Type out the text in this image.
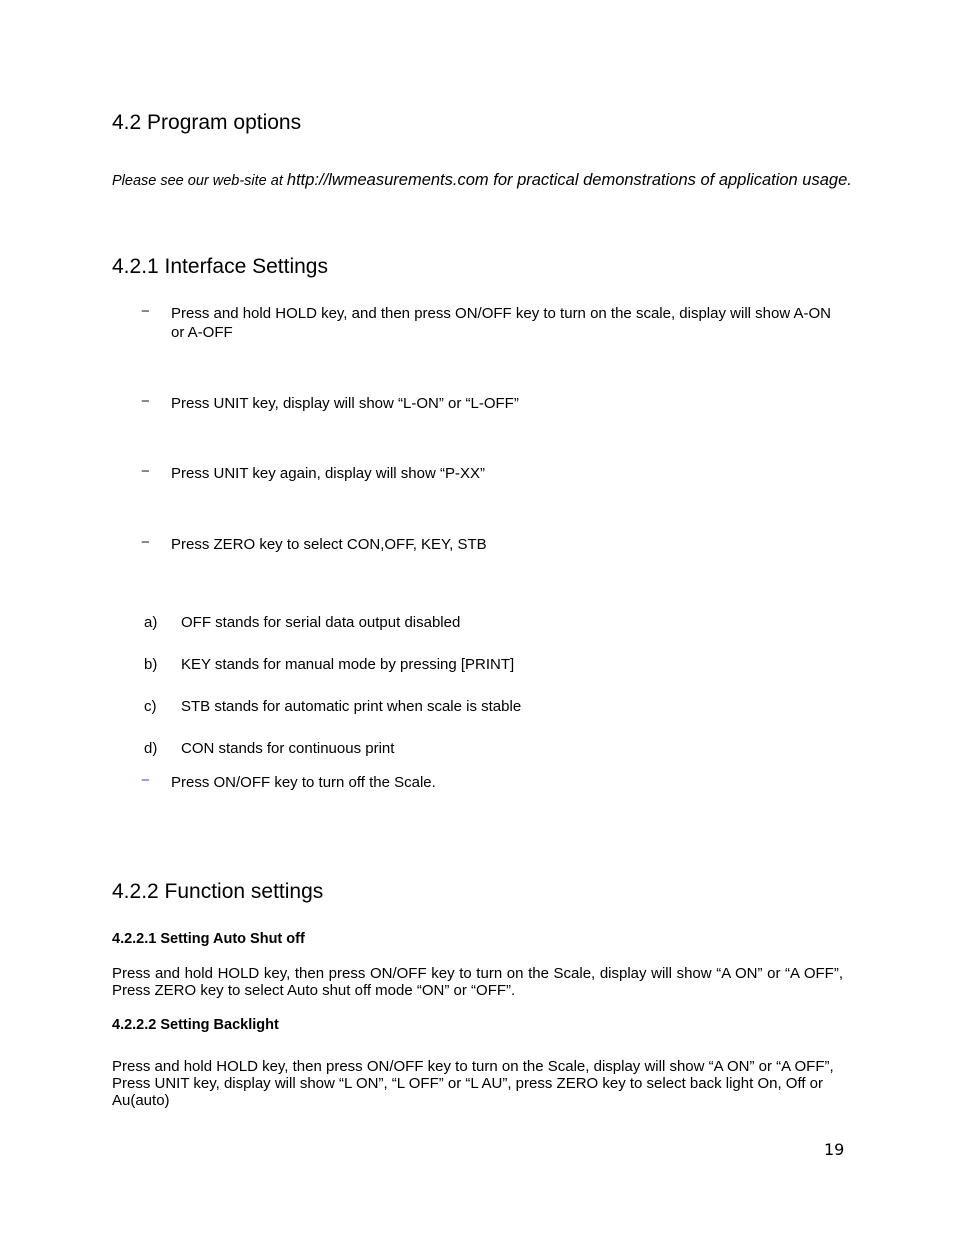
4.2 Program options

Please see our web-site at http://lwmeasurements.com for practical demonstrations of application usage.

4.2.1 Interface Settings
− Press and hold HOLD key, and then press ON/OFF key to turn on the scale, display will show A-ON or A-OFF

− Press UNIT key, display will show “L-ON” or “L-OFF”

− Press UNIT key again, display will show “P-XX”

− Press ZERO key to select CON,OFF, KEY, STB

a) OFF stands for serial data output disabled
b) KEY stands for manual mode by pressing [PRINT]
c) STB stands for automatic print when scale is stable
d) CON stands for continuous print
− Press ON/OFF key to turn off the Scale.

4.2.2 Function settings
4.2.2.1 Setting Auto Shut off

Press and hold HOLD key, then press ON/OFF key to turn on the Scale, display will show “A ON” or “A OFF”, Press ZERO key to select Auto shut off mode “ON” or “OFF”.

4.2.2.2 Setting Backlight

Press and hold HOLD key, then press ON/OFF key to turn on the Scale, display will show “A ON” or “A OFF”, Press UNIT key, display will show “L ON”, “L OFF” or “L AU”, press ZERO key to select back light On, Off or Au(auto)

19
